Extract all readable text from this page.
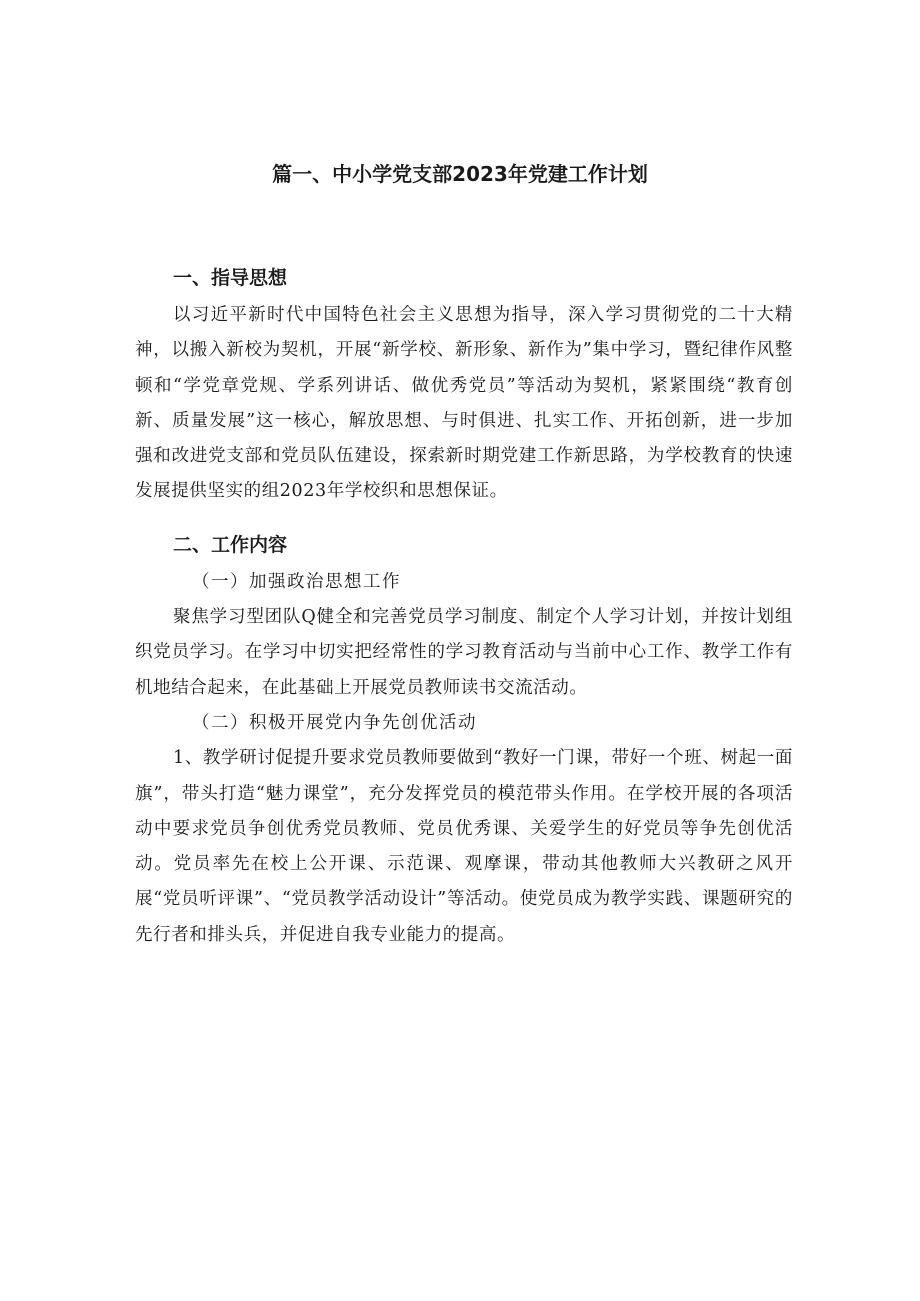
篇一、中小学党支部2023年党建工作计划
一、指导思想

以习近平新时代中国特色社会主义思想为指导，深入学习贯彻党的二十大精神，以搬入新校为契机，开展“新学校、新形象、新作为”集中学习，暨纪律作风整顿和“学党章党规、学系列讲话、做优秀党员”等活动为契机，紧紧围绕“教育创新、质量发展”这一核心，解放思想、与时俱进、扎实工作、开拓创新，进一步加强和改进党支部和党员队伍建设，探索新时期党建工作新思路，为学校教育的快速发展提供坚实的组2023年学校织和思想保证。

二、工作内容

（一）加强政治思想工作

聚焦学习型团队Q健全和完善党员学习制度、制定个人学习计划，并按计划组织党员学习。在学习中切实把经常性的学习教育活动与当前中心工作、教学工作有机地结合起来，在此基础上开展党员教师读书交流活动。

（二）积极开展党内争先创优活动

1、教学研讨促提升要求党员教师要做到“教好一门课，带好一个班、树起一面旗”，带头打造“魅力课堂”，充分发挥党员的模范带头作用。在学校开展的各项活动中要求党员争创优秀党员教师、党员优秀课、关爱学生的好党员等争先创优活动。党员率先在校上公开课、示范课、观摩课，带动其他教师大兴教研之风开展“党员听评课”、“党员教学活动设计”等活动。使党员成为教学实践、课题研究的先行者和排头兵，并促进自我专业能力的提高。
